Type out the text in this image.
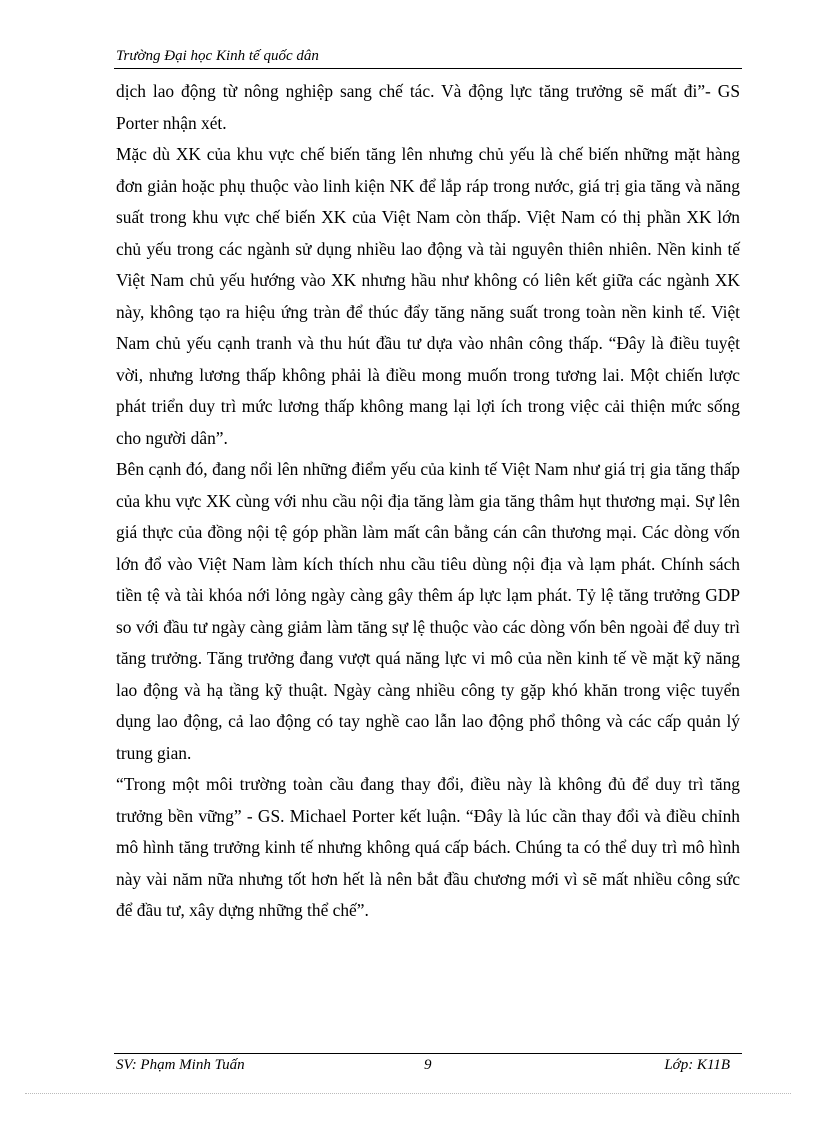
Trường Đại học Kinh tế quốc dân

dịch lao động từ nông nghiệp sang chế tác. Và động lực tăng trưởng sẽ mất đi”- GS Porter nhận xét.

Mặc dù XK của khu vực chế biến tăng lên nhưng chủ yếu là chế biến những mặt hàng đơn giản hoặc phụ thuộc vào linh kiện NK để lắp ráp trong nước, giá trị gia tăng và năng suất trong khu vực chế biến XK của Việt Nam còn thấp. Việt Nam có thị phần XK lớn chủ yếu trong các ngành sử dụng nhiều lao động và tài nguyên thiên nhiên. Nền kinh tế Việt Nam chủ yếu hướng vào XK nhưng hầu như không có liên kết giữa các ngành XK này, không tạo ra hiệu ứng tràn để thúc đẩy tăng năng suất trong toàn nền kinh tế. Việt Nam chủ yếu cạnh tranh và thu hút đầu tư dựa vào nhân công thấp. “Đây là điều tuyệt vời, nhưng lương thấp không phải là điều mong muốn trong tương lai. Một chiến lược phát triển duy trì mức lương thấp không mang lại lợi ích trong việc cải thiện mức sống cho người dân”.

Bên cạnh đó, đang nổi lên những điểm yếu của kinh tế Việt Nam như giá trị gia tăng thấp của khu vực XK cùng với nhu cầu nội địa tăng làm gia tăng thâm hụt thương mại. Sự lên giá thực của đồng nội tệ góp phần làm mất cân bằng cán cân thương mại. Các dòng vốn lớn đổ vào Việt Nam làm kích thích nhu cầu tiêu dùng nội địa và lạm phát. Chính sách tiền tệ và tài khóa nới lỏng ngày càng gây thêm áp lực lạm phát. Tỷ lệ tăng trưởng GDP so với đầu tư ngày càng giảm làm tăng sự lệ thuộc vào các dòng vốn bên ngoài để duy trì tăng trưởng. Tăng trưởng đang vượt quá năng lực vi mô của nền kinh tế về mặt kỹ năng lao động và hạ tầng kỹ thuật. Ngày càng nhiều công ty gặp khó khăn trong việc tuyển dụng lao động, cả lao động có tay nghề cao lẫn lao động phổ thông và các cấp quản lý trung gian.

“Trong một môi trường toàn cầu đang thay đổi, điều này là không đủ để duy trì tăng trưởng bền vững” - GS. Michael Porter kết luận. “Đây là lúc cần thay đổi và điều chỉnh mô hình tăng trưởng kinh tế nhưng không quá cấp bách. Chúng ta có thể duy trì mô hình này vài năm nữa nhưng tốt hơn hết là nên bắt đầu chương mới vì sẽ mất nhiều công sức để đầu tư, xây dựng những thể chế”.

SV: Phạm Minh Tuấn	9	Lớp: K11B
